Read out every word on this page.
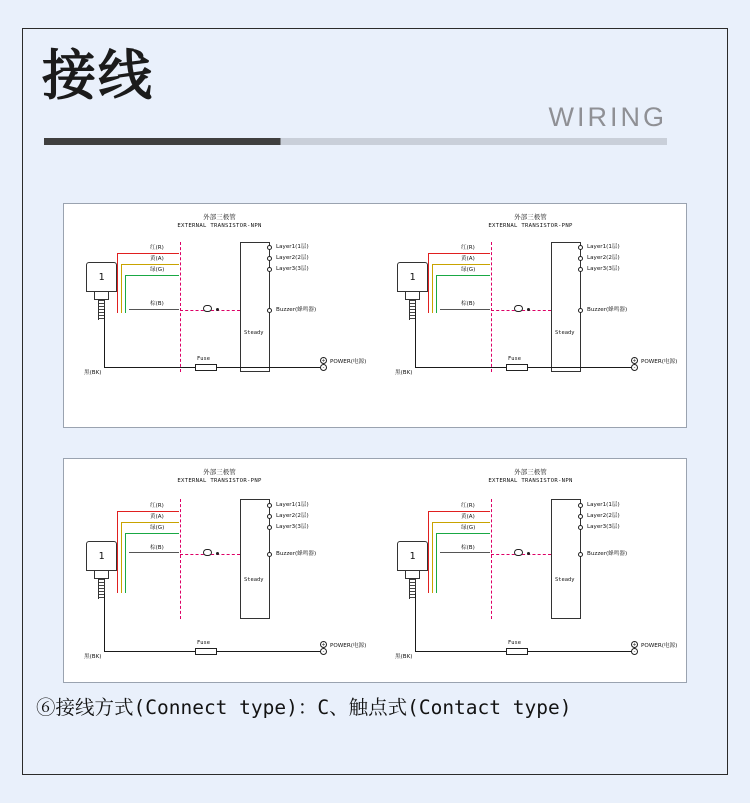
接线
WIRING
外部三极管
EXTERNAL TRANSISTOR-NPN
1
红(R)
黄(A)
绿(G)
棕(B)
黑(BK)
Layer1(1层)
Layer2(2层)
Layer3(3层)
Buzzer(蜂鸣器)
Steady
Fuse	+
-
POWER(电源)
外部三极管
EXTERNAL TRANSISTOR-PNP
1
红(R)
黄(A)
绿(G)
棕(B)
黑(BK)
Layer1(1层)
Layer2(2层)
Layer3(3层)
Buzzer(蜂鸣器)
Steady
Fuse	+
-
POWER(电源)
外部三极管
EXTERNAL TRANSISTOR-PNP
1
红(R)
黄(A)
绿(G)
棕(B)
黑(BK)
Layer1(1层)
Layer2(2层)
Layer3(3层)
Buzzer(蜂鸣器)
Steady
Fuse	+
-
POWER(电源)
外部三极管
EXTERNAL TRANSISTOR-NPN
1
红(R)
黄(A)
绿(G)
棕(B)
黑(BK)
Layer1(1层)
Layer2(2层)
Layer3(3层)
Buzzer(蜂鸣器)
Steady
Fuse	+
-
POWER(电源)
⑥接线方式(Connect type)：C、触点式(Contact type)
